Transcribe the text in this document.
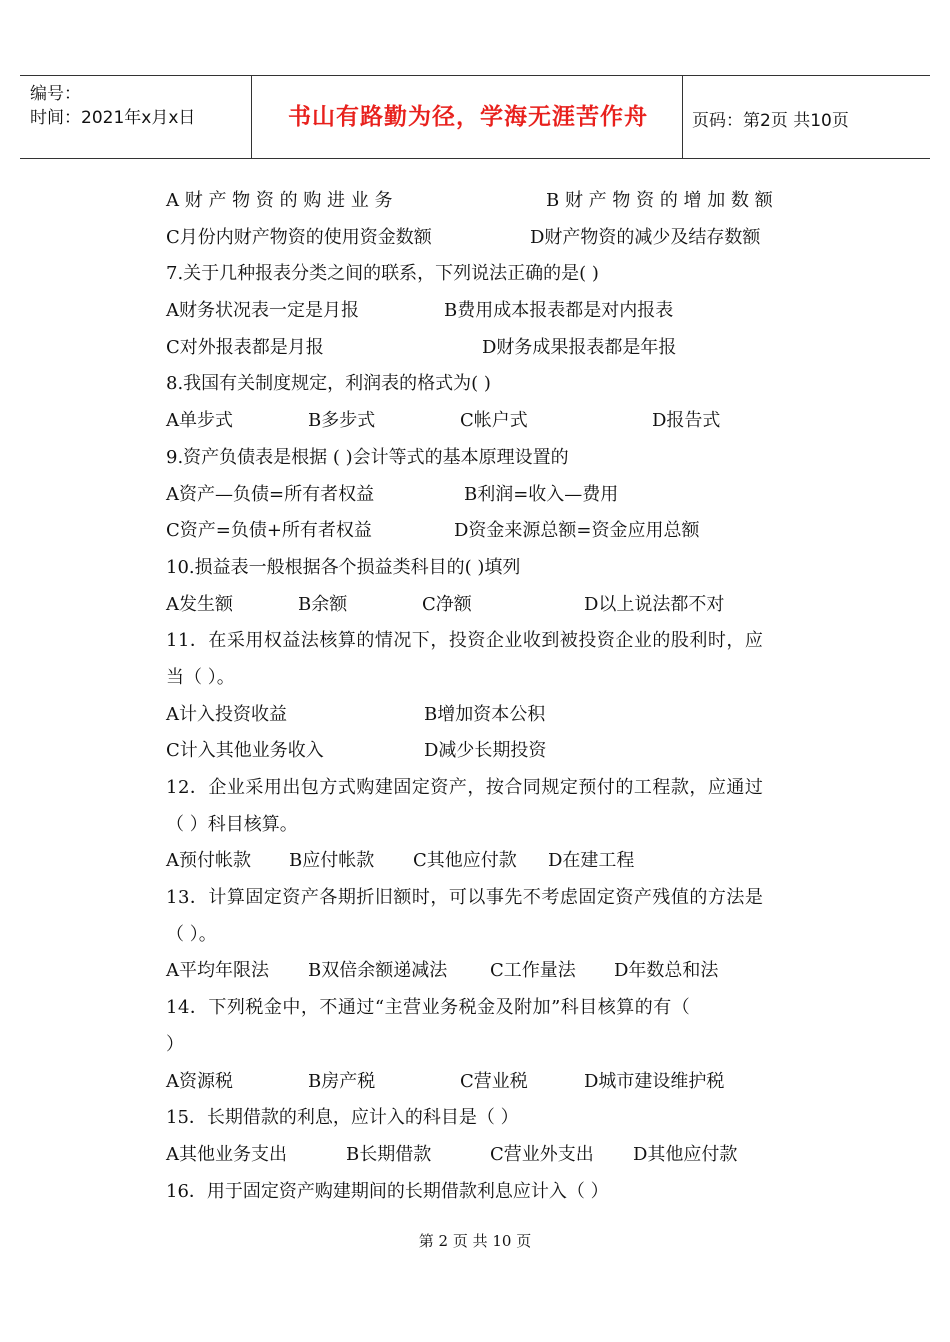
编号：
时间：2021年x月x日	书山有路勤为径，学海无涯苦作舟	页码：第2页 共10页
A 财 产 物 资 的 购 进 业 务	B 财 产 物 资 的 增 加 数 额
C月份内财产物资的使用资金数额	D财产物资的减少及结存数额
7.关于几种报表分类之间的联系，下列说法正确的是( )
A财务状况表一定是月报	B费用成本报表都是对内报表
C对外报表都是月报	D财务成果报表都是年报
8.我国有关制度规定，利润表的格式为( )
A单步式	B多步式	C帐户式	D报告式
9.资产负债表是根据 ( )会计等式的基本原理设置的
A资产—负债=所有者权益	B利润=收入—费用
C资产=负债+所有者权益	D资金来源总额=资金应用总额
10.损益表一般根据各个损益类科目的( )填列
A发生额	B余额	C净额	D以上说法都不对
11．在采用权益法核算的情况下，投资企业收到被投资企业的股利时，应
当（ ）。
A计入投资收益	B增加资本公积
C计入其他业务收入	D减少长期投资
12．企业采用出包方式购建固定资产，按合同规定预付的工程款，应通过
（ ）科目核算。
A预付帐款 B应付帐款 C其他应付款 D在建工程
13．计算固定资产各期折旧额时，可以事先不考虑固定资产残值的方法是
（ ）。
A平均年限法 B双倍余额递减法 C工作量法 D年数总和法
14．下列税金中，不通过“主营业务税金及附加”科目核算的有（
）
A资源税	B房产税	C营业税	D城市建设维护税
15．长期借款的利息，应计入的科目是（ ）
A其他业务支出	B长期借款	C营业外支出 D其他应付款
16．用于固定资产购建期间的长期借款利息应计入（ ）
第 2 页 共 10 页
